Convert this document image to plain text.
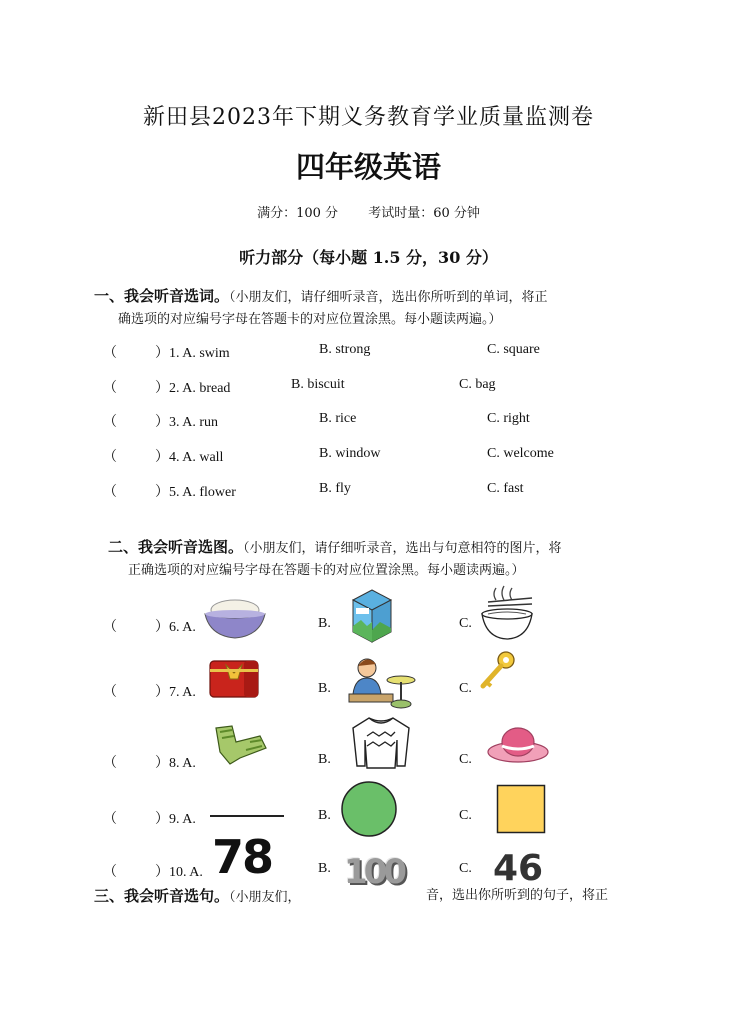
新田县2023年下期义务教育学业质量监测卷
四年级英语
满分：100 分 考试时量：60 分钟
听力部分（每小题 1.5 分，30 分）
一、我会听音选词。（小朋友们，请仔细听录音，选出你所听到的单词，将正
确选项的对应编号字母在答题卡的对应位置涂黑。每小题读两遍。）
（	）1. A. swim	B. strong	C. square
（	）2. A. bread	B. biscuit	C. bag
（	）3. A. run	B. rice	C. right
（	）4. A. wall	B. window	C. welcome
（	）5. A. flower	B. fly	C. fast
二、我会听音选图。（小朋友们，请仔细听录音，选出与句意相符的图片，将
正确选项的对应编号字母在答题卡的对应位置涂黑。每小题读两遍。）
（	）6. A.	B.	C.
（	）7. A.	B.	C.
（	）8. A.	B.	C.
（	）9. A.	B.	C.
（	）10. A. 78	B. 100	C. 46
三、我会听音选句。（小朋友们，	音，选出你所听到的句子，将正
